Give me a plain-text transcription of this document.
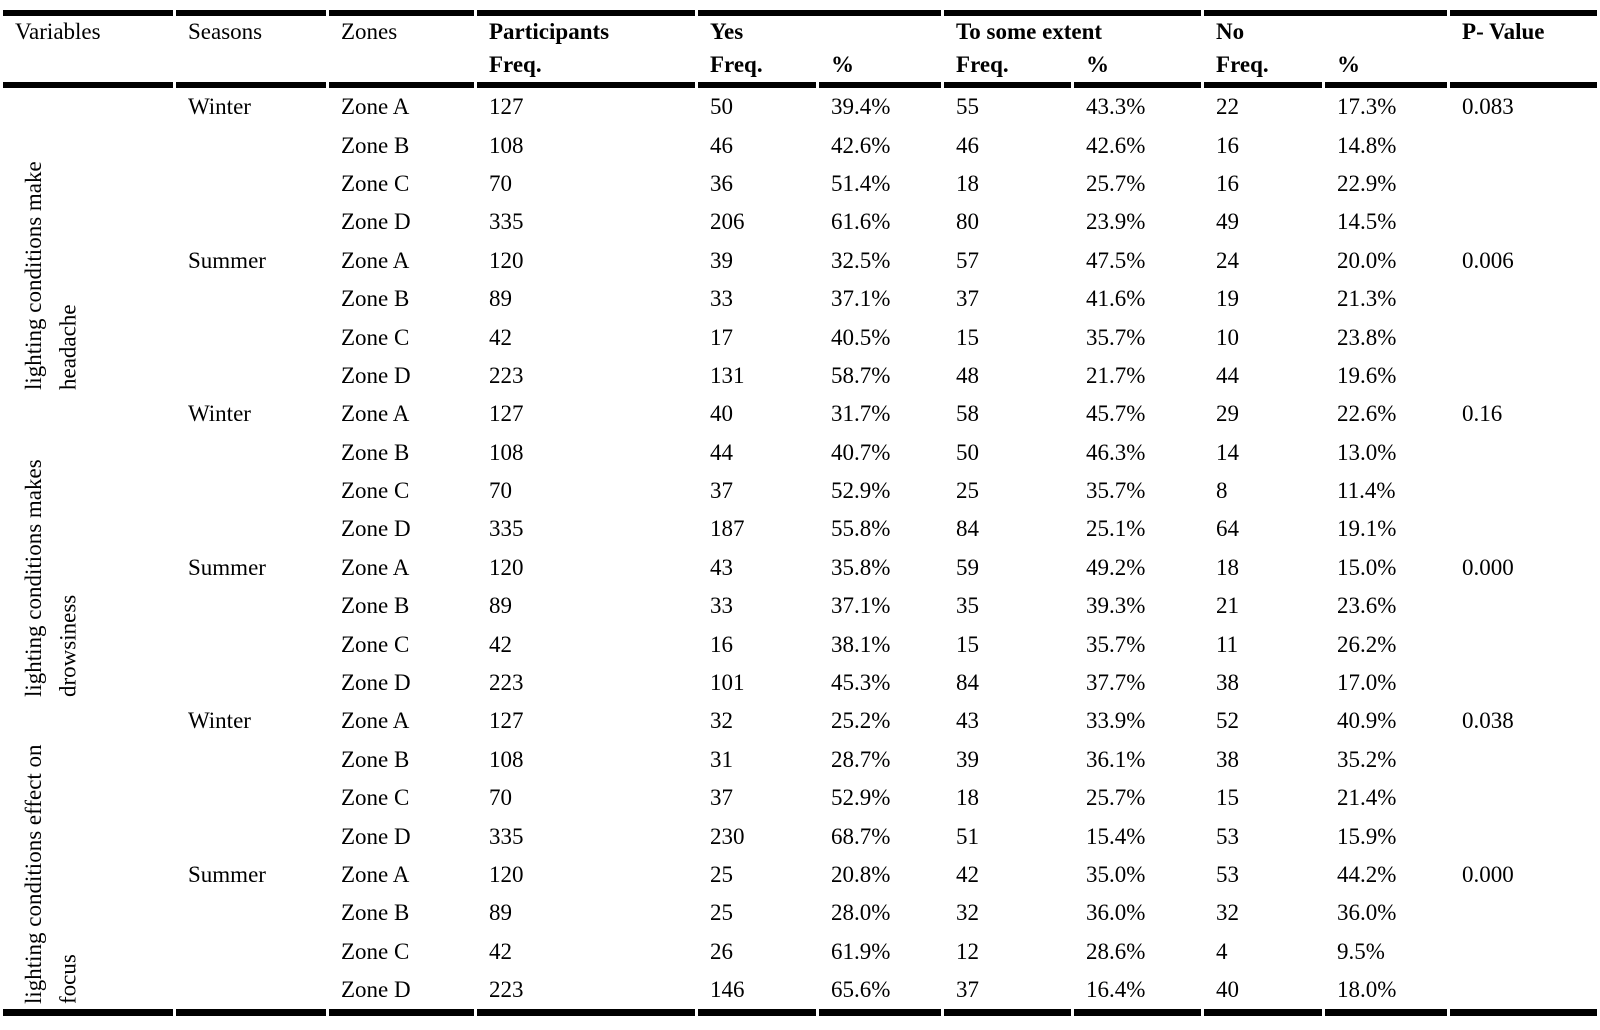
Variables	Seasons	Zones	Participants	Yes		To some extent		No		P- Value
			Freq.	Freq.	%	Freq.	%	Freq.	%	

lighting conditions make headache	Winter	Zone A	127	50	39.4%	55	43.3%	22	17.3%	0.083
		Zone B	108	46	42.6%	46	42.6%	16	14.8%	
		Zone C	70	36	51.4%	18	25.7%	16	22.9%	
		Zone D	335	206	61.6%	80	23.9%	49	14.5%	
	Summer	Zone A	120	39	32.5%	57	47.5%	24	20.0%	0.006
		Zone B	89	33	37.1%	37	41.6%	19	21.3%	
		Zone C	42	17	40.5%	15	35.7%	10	23.8%	
		Zone D	223	131	58.7%	48	21.7%	44	19.6%	

lighting conditions makes drowsiness	Winter	Zone A	127	40	31.7%	58	45.7%	29	22.6%	0.16
		Zone B	108	44	40.7%	50	46.3%	14	13.0%	
		Zone C	70	37	52.9%	25	35.7%	8	11.4%	
		Zone D	335	187	55.8%	84	25.1%	64	19.1%	
	Summer	Zone A	120	43	35.8%	59	49.2%	18	15.0%	0.000
		Zone B	89	33	37.1%	35	39.3%	21	23.6%	
		Zone C	42	16	38.1%	15	35.7%	11	26.2%	
		Zone D	223	101	45.3%	84	37.7%	38	17.0%	

lighting conditions effect on focus	Winter	Zone A	127	32	25.2%	43	33.9%	52	40.9%	0.038
		Zone B	108	31	28.7%	39	36.1%	38	35.2%	
		Zone C	70	37	52.9%	18	25.7%	15	21.4%	
		Zone D	335	230	68.7%	51	15.4%	53	15.9%	
	Summer	Zone A	120	25	20.8%	42	35.0%	53	44.2%	0.000
		Zone B	89	25	28.0%	32	36.0%	32	36.0%	
		Zone C	42	26	61.9%	12	28.6%	4	9.5%	
		Zone D	223	146	65.6%	37	16.4%	40	18.0%	
